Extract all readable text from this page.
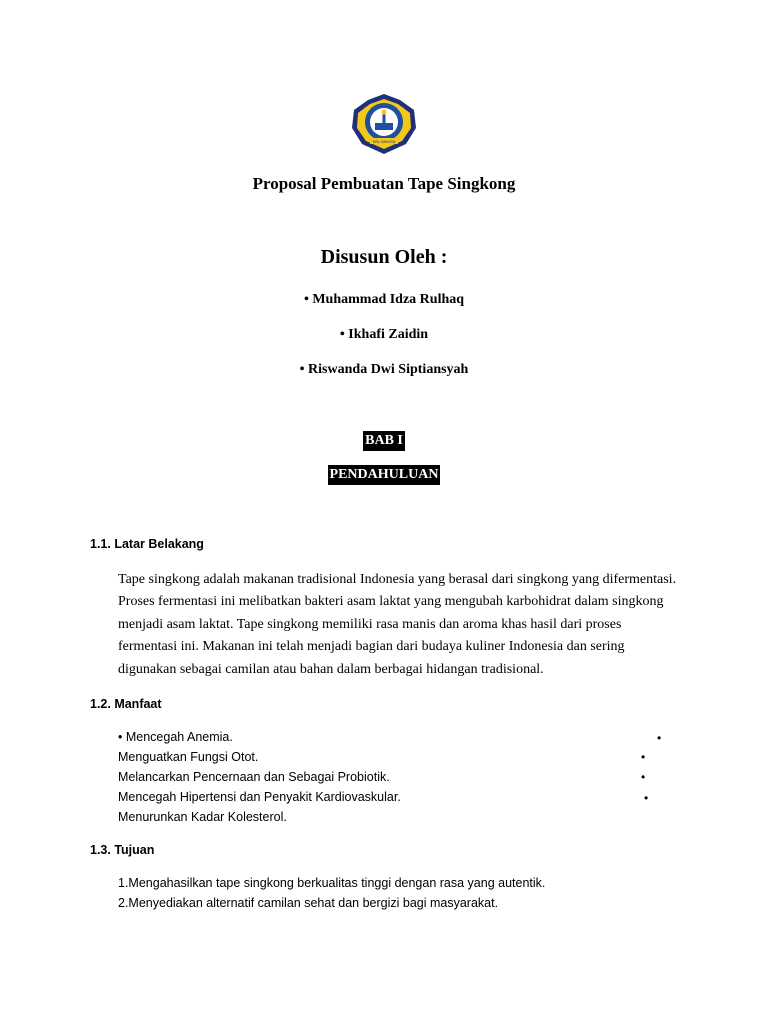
MTs SWASTA
Proposal Pembuatan Tape Singkong
Disusun Oleh :
• Muhammad Idza Rulhaq
• Ikhafi Zaidin
• Riswanda Dwi Siptiansyah
BAB I
PENDAHULUAN
1.1. Latar Belakang

Tape singkong adalah makanan tradisional Indonesia yang berasal dari singkong yang difermentasi.
Proses fermentasi ini melibatkan bakteri asam laktat yang mengubah karbohidrat dalam singkong
menjadi asam laktat. Tape singkong memiliki rasa manis dan aroma khas hasil dari proses
fermentasi ini. Makanan ini telah menjadi bagian dari budaya kuliner Indonesia dan sering
digunakan sebagai camilan atau bahan dalam berbagai hidangan tradisional.

1.2. Manfaat
• Mencegah Anemia.
Menguatkan Fungsi Otot.
Melancarkan Pencernaan dan Sebagai Probiotik.
Mencegah Hipertensi dan Penyakit Kardiovaskular.
Menurunkan Kadar Kolesterol.
•
•
•
•
1.3. Tujuan
1.Mengahasilkan tape singkong berkualitas tinggi dengan rasa yang autentik.
2.Menyediakan alternatif camilan sehat dan bergizi bagi masyarakat.
